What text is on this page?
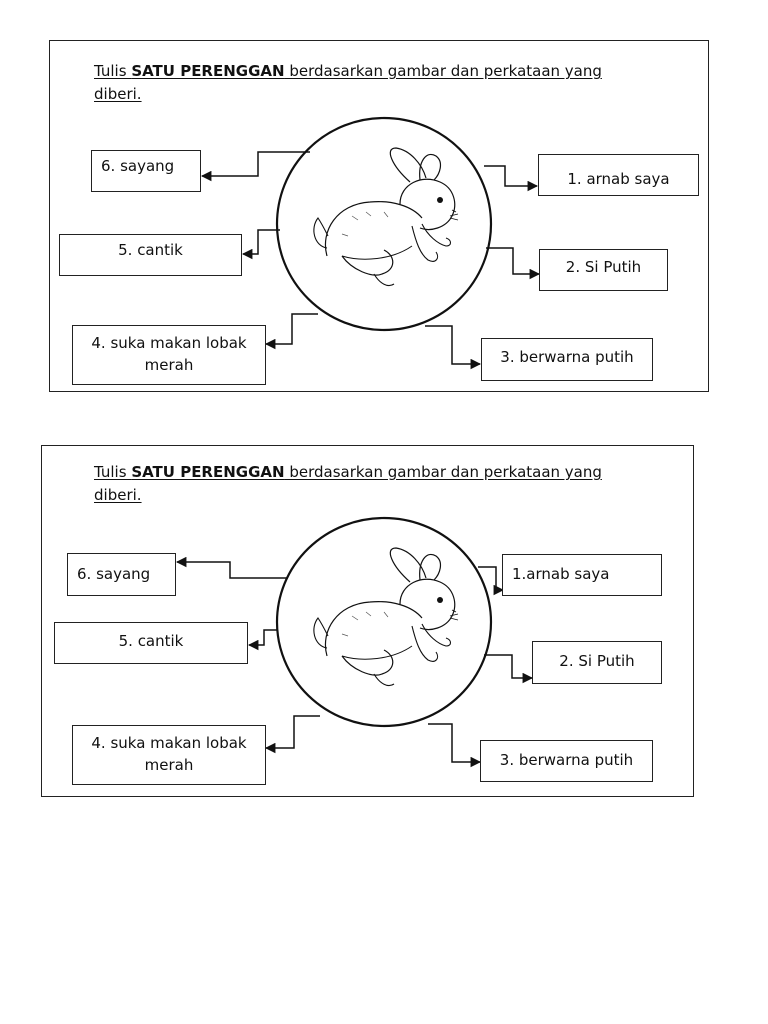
Tulis SATU PERENGGAN berdasarkan gambar dan perkataan yang
diberi.
6. sayang
1. arnab saya
5. cantik
2. Si Putih
4. suka makan lobak
merah	3. berwarna putih
Tulis SATU PERENGGAN berdasarkan gambar dan perkataan yang
diberi.
6. sayang	1.arnab saya
5. cantik
2. Si Putih
4. suka makan lobak
merah	3. berwarna putih
